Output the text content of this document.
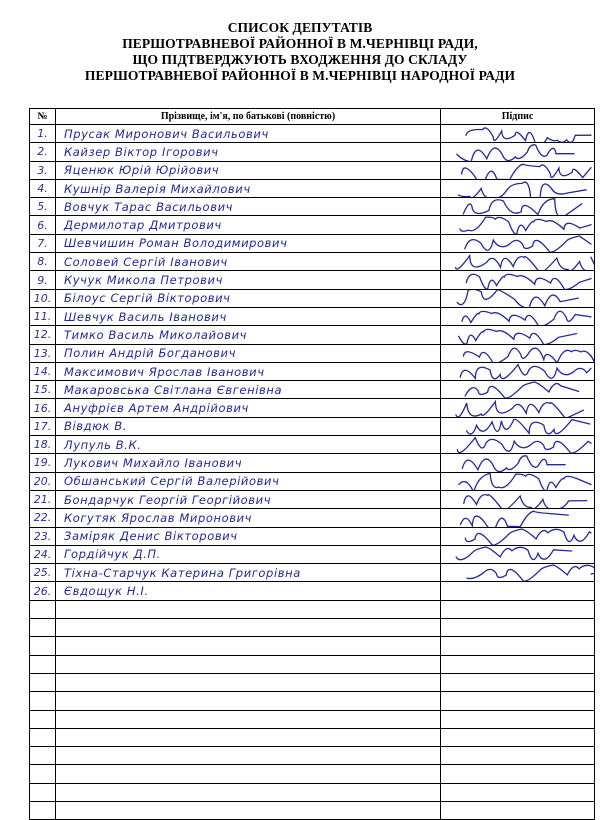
СПИСОК ДЕПУТАТІВ
ПЕРШОТРАВНЕВОЇ РАЙОННОЇ В М.ЧЕРНІВЦІ РАДИ,
ЩО ПІДТВЕРДЖУЮТЬ ВХОДЖЕННЯ ДО СКЛАДУ
ПЕРШОТРАВНЕВОЇ РАЙОННОЇ В М.ЧЕРНІВЦІ НАРОДНОЇ РАДИ
№	Прізвище, ім'я, по батькові (повністю)	Підпис
1.	Прусак Миронович Васильович	

2.	Кайзер Віктор Ігорович	

3.	Яценюк Юрій Юрійович	

4.	Кушнір Валерія Михайлович	

5.	Вовчук Тарас Васильович	

6.	Дермилотар Дмитрович	

7.	Шевчишин Роман Володимирович	

8.	Соловей Сергій Іванович	

9.	Кучук Микола Петрович	

10.	Білоус Сергій Вікторович	

11.	Шевчук Василь Іванович	

12.	Тимко Василь Миколайович	

13.	Полин Андрій Богданович	

14.	Максимович Ярослав Іванович	

15.	Макаровська Світлана Євгенівна	

16.	Ануфрієв Артем Андрійович	

17.	Вівдюк В.	

18.	Лупуль В.К.	

19.	Лукович Михайло Іванович	

20.	Обшанський Сергій Валерійович	

21.	Бондарчук Георгій Георгійович	

22.	Когутяк Ярослав Миронович	

23.	Заміряк Денис Вікторович	

24.	Гордійчук Д.П.	

25.	Тіхна-Старчук Катерина Григорівна	

26.	Євдощук Н.І.	
